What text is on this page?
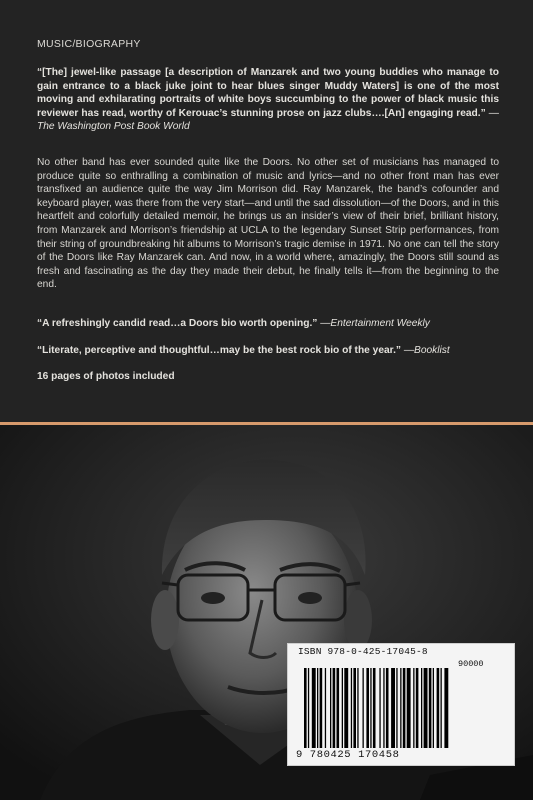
MUSIC/BIOGRAPHY
“[The] jewel-like passage [a description of Manzarek and two young buddies who manage to gain entrance to a black juke joint to hear blues singer Muddy Waters] is one of the most moving and exhilarating portraits of white boys succumbing to the power of black music this reviewer has read, worthy of Kerouac’s stunning prose on jazz clubs….[An] engaging read.” —The Washington Post Book World
No other band has ever sounded quite like the Doors. No other set of musicians has managed to produce quite so enthralling a combination of music and lyrics—and no other front man has ever transfixed an audience quite the way Jim Morrison did. Ray Manzarek, the band’s cofounder and keyboard player, was there from the very start—and until the sad dissolution—of the Doors, and in this heartfelt and colorfully detailed memoir, he brings us an insider’s view of their brief, brilliant history, from Manzarek and Morrison’s friendship at UCLA to the legendary Sunset Strip performances, from their string of groundbreaking hit albums to Morrison’s tragic demise in 1971. No one can tell the story of the Doors like Ray Manzarek can. And now, in a world where, amazingly, the Doors still sound as fresh and fascinating as the day they made their debut, he finally tells it—from the beginning to the end.
“A refreshingly candid read…a Doors bio worth opening.” —Entertainment Weekly
“Literate, perceptive and thoughtful…may be the best rock bio of the year.” —Booklist
16 pages of photos included
ISBN 978-0-425-17045-8
90000
9 780425 170458
